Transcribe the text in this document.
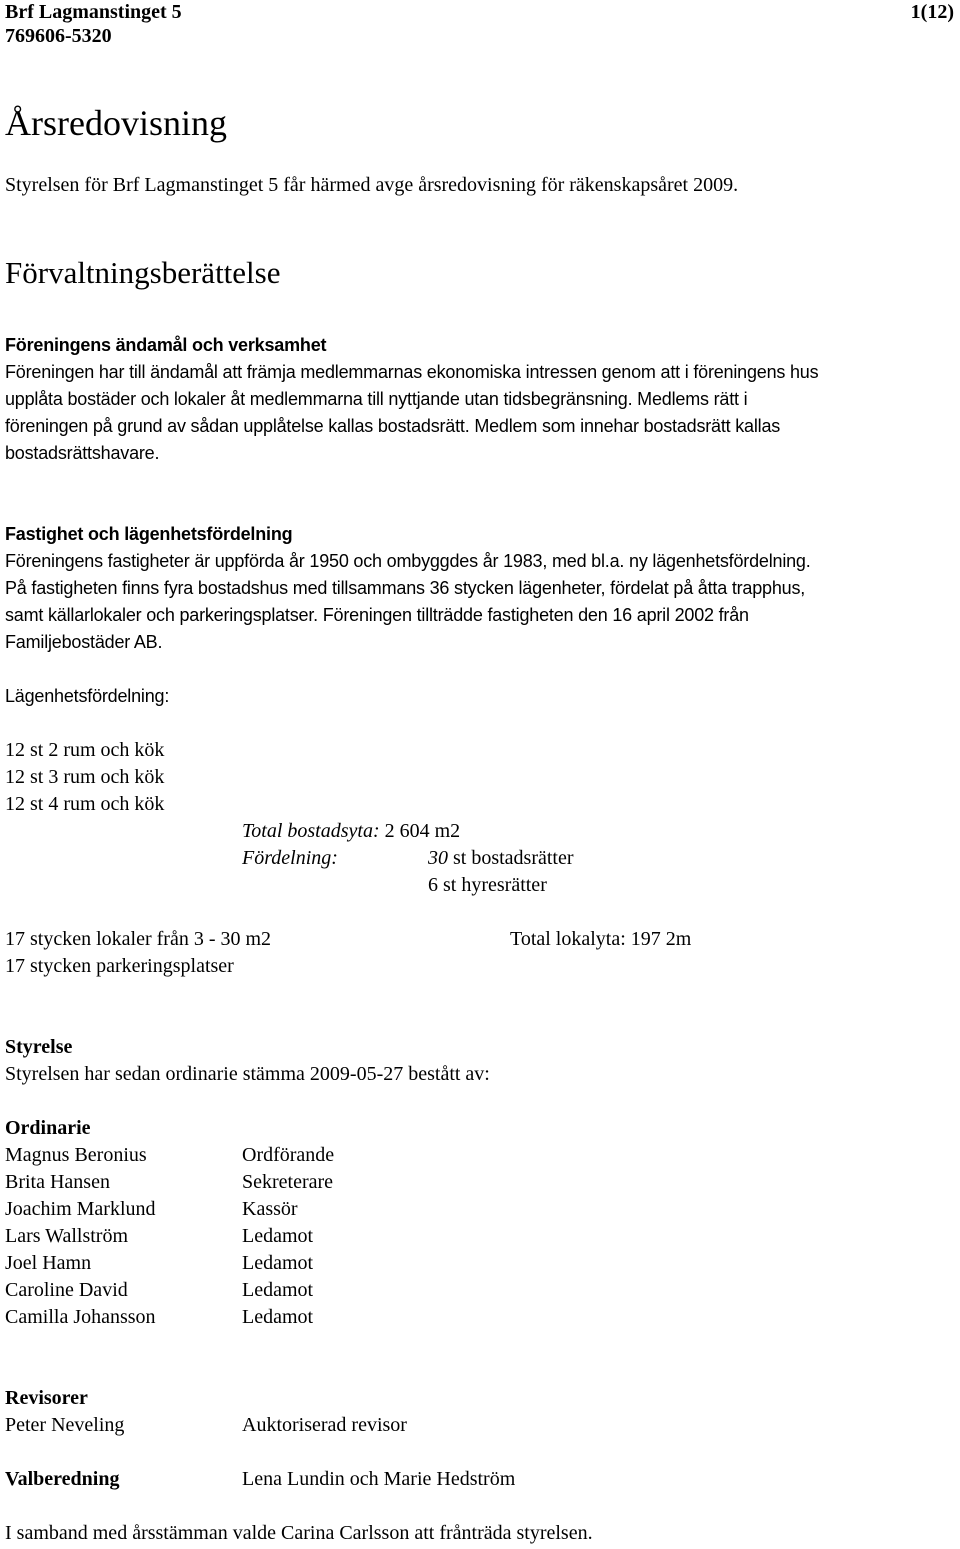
Brf Lagmanstinget 5
769606-5320
1(12)
Årsredovisning
Styrelsen för Brf Lagmanstinget 5 får härmed avge årsredovisning för räkenskapsåret 2009.
Förvaltningsberättelse
Föreningens ändamål och verksamhet
Föreningen har till ändamål att främja medlemmarnas ekonomiska intressen genom att i föreningens hus
upplåta bostäder och lokaler åt medlemmarna till nyttjande utan tidsbegränsning. Medlems rätt i
föreningen på grund av sådan upplåtelse kallas bostadsrätt. Medlem som innehar bostadsrätt kallas
bostadsrättshavare.
Fastighet och lägenhetsfördelning
Föreningens fastigheter är uppförda år 1950 och ombyggdes år 1983, med bl.a. ny lägenhetsfördelning.
På fastigheten finns fyra bostadshus med tillsammans 36 stycken lägenheter, fördelat på åtta trapphus,
samt källarlokaler och parkeringsplatser. Föreningen tillträdde fastigheten den 16 april 2002 från
Familjebostäder AB.
Lägenhetsfördelning:
12 st 2 rum och kök
12 st 3 rum och kök
12 st 4 rum och kök
Total bostadsyta: 2 604 m2
Fördelning:	30 st bostadsrätter
6 st hyresrätter
17 stycken lokaler från 3 - 30 m2	Total lokalyta: 197 2m
17 stycken parkeringsplatser
Styrelse
Styrelsen har sedan ordinarie stämma 2009-05-27 bestått av:
Ordinarie
Magnus Beronius	Ordförande
Brita Hansen	Sekreterare
Joachim Marklund	Kassör
Lars Wallström	Ledamot
Joel Hamn	Ledamot
Caroline David	Ledamot
Camilla Johansson	Ledamot
Revisorer
Peter Neveling	Auktoriserad revisor
Valberedning	Lena Lundin och Marie Hedström
I samband med årsstämman valde Carina Carlsson att frånträda styrelsen.
